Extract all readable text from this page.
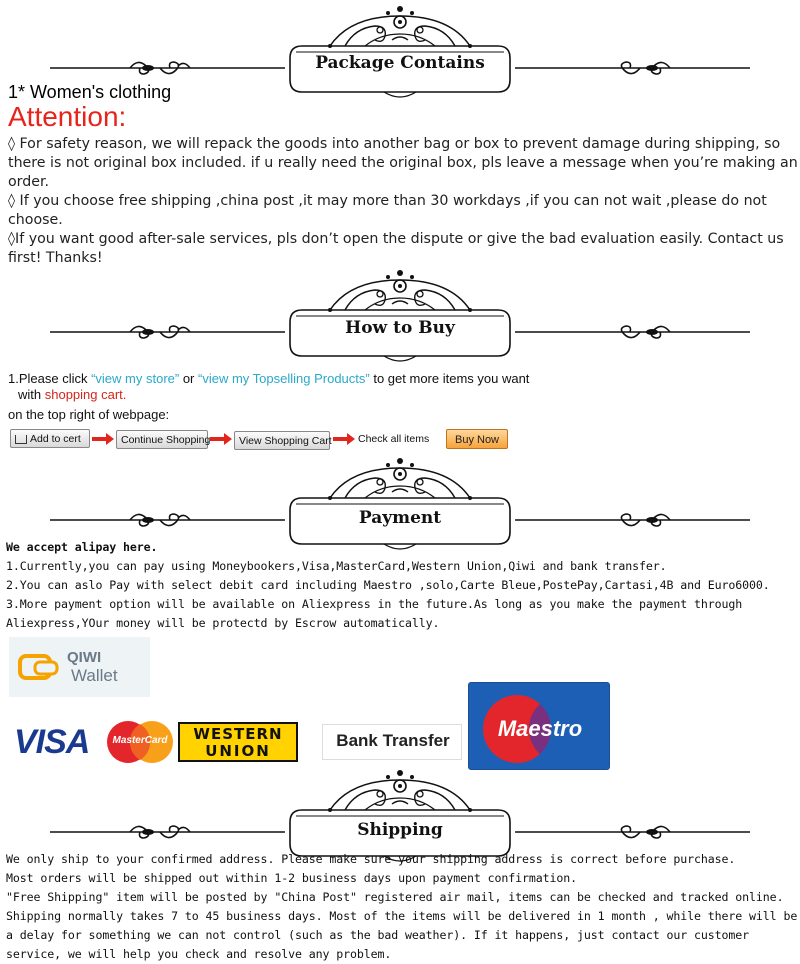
Package Contains
1* Women's clothing
Attention:
◊ For safety reason, we will repack the goods into another bag or box to prevent damage during shipping, so there is not original box included. if u really need the original box, pls leave a message when you’re making an order.
◊ If you choose free shipping ,china post ,it may more than 30 workdays ,if you can not wait ,please do not choose.
◊If you want good after-sale services, pls don’t open the dispute or give the bad evaluation easily. Contact us first! Thanks!
How to Buy
1.Please click “view my store” or “view my Topselling Products” to get more items you want
with shopping cart.
on the top right of webpage:
Add to cert	Continue Shopping	View Shopping Cart	Check all items	Buy Now
Payment
We accept alipay here.
1.Currently,you can pay using Moneybookers,Visa,MasterCard,Western Union,Qiwi and bank transfer.
2.You can aslo Pay with select debit card including Maestro ,solo,Carte Bleue,PostePay,Cartasi,4B and Euro6000.
3.More payment option will be available on Aliexpress in the future.As long as you make the payment through Aliexpress,YOur money will be protectd by Escrow automatically.
QIWI
Wallet
VISA	MasterCard	WESTERN
UNION
Bank Transfer	Maestro
Shipping
We only ship to your confirmed address. Please make sure your shipping address is correct before purchase.
Most orders will be shipped out within 1-2 business days upon payment confirmation.
"Free Shipping" item will be posted by "China Post" registered air mail, items can be checked and tracked online.
Shipping normally takes 7 to 45 business days. Most of the items will be delivered in 1 month , while there will be a delay for something we can not control (such as the bad weather). If it happens, just contact our customer service, we will help you check and resolve any problem.
